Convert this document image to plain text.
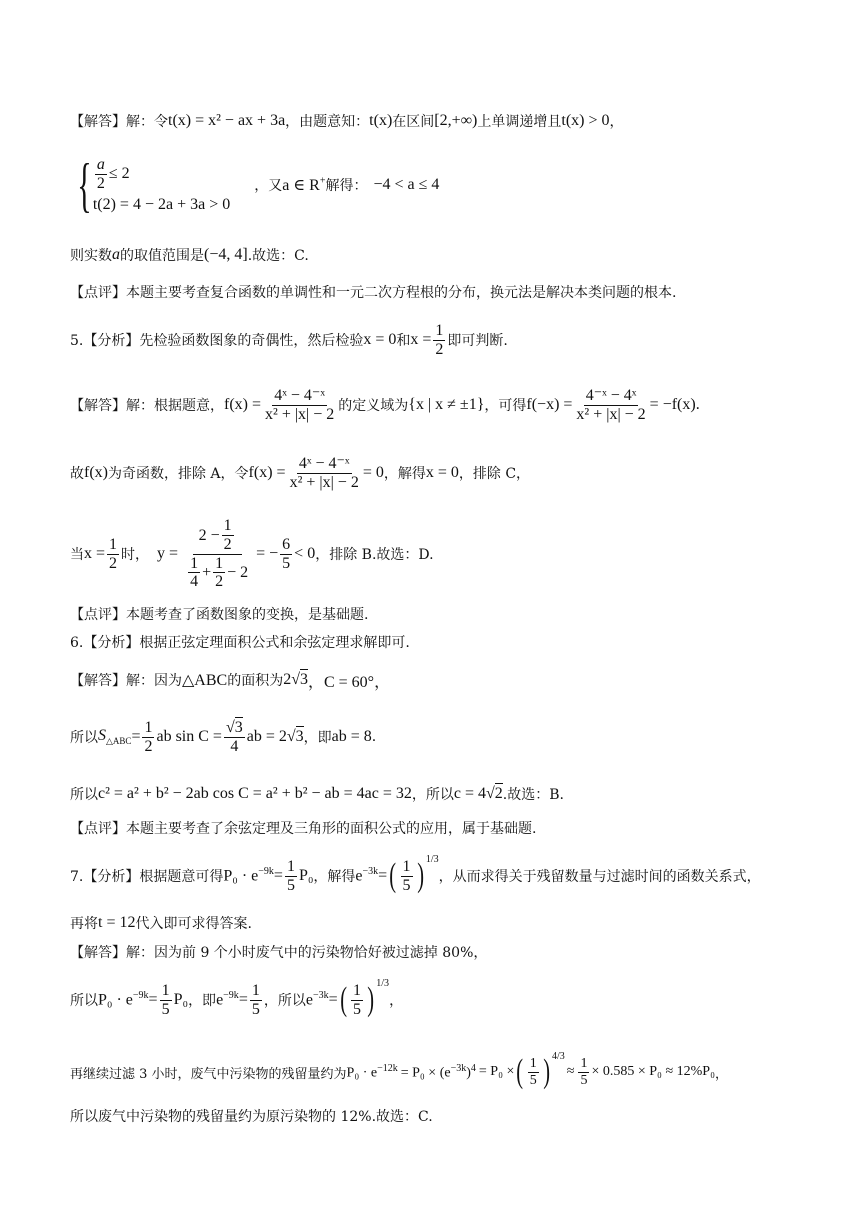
【解答】解：令 t(x) = x² − ax + 3a ，由题意知： t(x) 在区间 [2,+∞) 上单调递增且 t(x) > 0 ，
{ $\frac{a}{2} \le 2$
t(2) = 4 − 2a + 3a > 0
，又 a ∈ R+ 解得： −4 < a ≤ 4
则实数 a 的取值范围是 (−4, 4] .故选：C.
【点评】本题主要考查复合函数的单调性和一元二次方程根的分布，换元法是解决本类问题的根本.
5.【分析】先检验函数图象的奇偶性，然后检验 x = 0 和 $x = \frac{1}{2}$ 即可判断.
【解答】解：根据题意， $f(x) = \frac{\text{4ˣ − 4⁻ˣ}}{\text{x² + |x| − 2}}$ 的定义域为 {x | x ≠ ±1} ，可得 $f(-x) = \frac{\text{4⁻ˣ − 4ˣ}}{\text{x² + |x| − 2}} = -f(x)$.
故 f(x) 为奇函数，排除 A，令 $f(x) = \frac{\text{4ˣ − 4⁻ˣ}}{\text{x² + |x| − 2}} = 0$ ，解得 x = 0 ，排除 C，
当 $x = \frac{1}{2}$ 时， $y = 2 - \frac{1}{2}$
1
4
+ $\frac{1}{2} - 2$ = − $\frac{6}{5} < 0$ ，排除 B.故选：D.
【点评】本题考查了函数图象的变换，是基础题.
6.【分析】根据正弦定理面积公式和余弦定理求解即可.
【解答】解：因为 △ABC 的面积为 2√3 ，C = 60°，
所以 $S_{\triangle ABC} = \frac{1}{2}$ ab $\sin C = \frac{√3}{4}$ ab = 2 √3 ，即 ab = 8 .
所以 c² = a² + b² − 2ab cos C = a² + b² − ab = 4ac = 32 ，所以 c = 4√2 .故选：B.
【点评】本题主要考查了余弦定理及三角形的面积公式的应用，属于基础题.
7.【分析】根据题意可得 $P_0 \cdot e^{-9k} = \frac{1}{5} P_0$ ，解得 $e^{-3k}$ = ( 1
5 ) 1/3
，从而求得关于残留数量与过滤时间的函数关系式，
再将 t = 12 代入即可求得答案.
【解答】解：因为前 9 个小时废气中的污染物恰好被过滤掉 80%，
所以 $P_0 \cdot e^{-9k} = \frac{1}{5} P_0$ ，即 $e^{-9k} = \frac{1}{5}$ ，所以 $e^{-3k}$ = ( 1
5 ) 1/3
，
再继续过滤 3 小时，废气中污染物的残留量约为 $P_0 \cdot e^{-12k} = P_0 \times (e^{-3k})^4 = P_0$ × ( 1
5 ) 4/3
≈ $\frac{1}{5} \times 0.585 \times P_0 \approx 12\%P_0$ ，
所以废气中污染物的残留量约为原污染物的 12%.故选：C.
